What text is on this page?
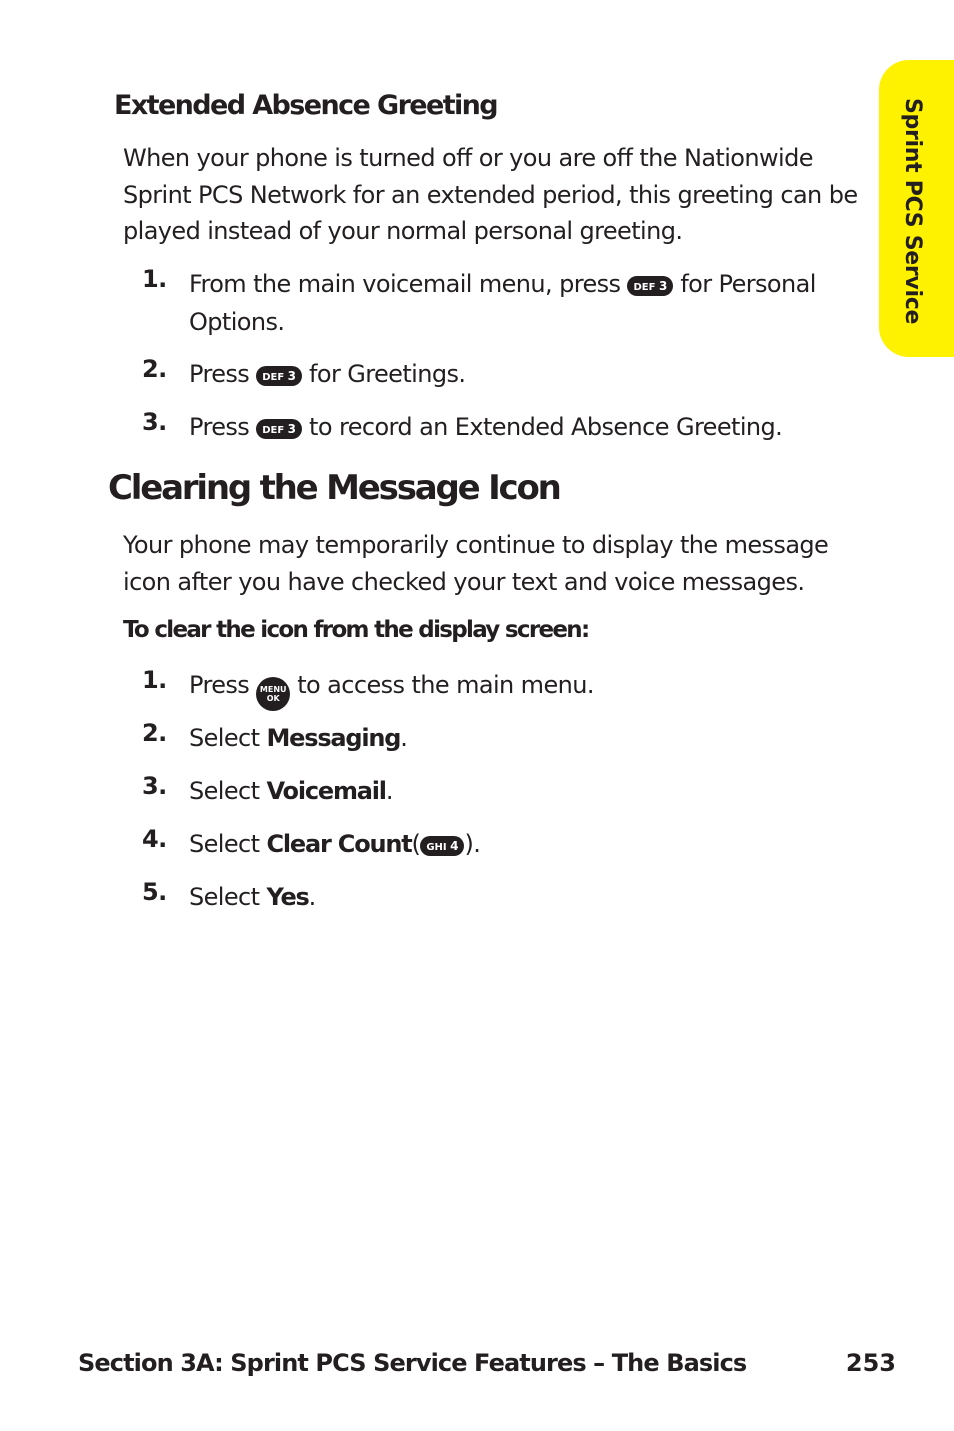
Sprint PCS Service
Extended Absence Greeting

When your phone is turned off or you are off the Nationwide Sprint PCS Network for an extended period, this greeting can be played instead of your normal personal greeting.

1. From the main voicemail menu, press DEF 3 for Personal Options.
2. Press DEF 3 for Greetings.
3. Press DEF 3 to record an Extended Absence Greeting.
Clearing the Message Icon

Your phone may temporarily continue to display the message icon after you have checked your text and voice messages.

To clear the icon from the display screen:
1. Press	MENU
OK to access the main menu.
2. Select Messaging.
3. Select Voicemail.
4. Select Clear Count( GHI 4 ).
5. Select Yes.
Section 3A: Sprint PCS Service Features – The Basics	253
